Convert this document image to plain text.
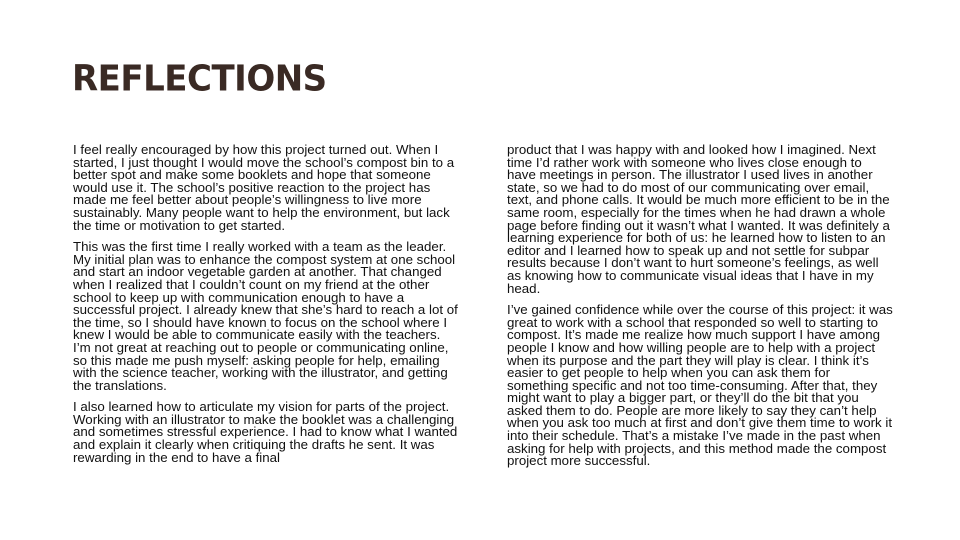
REFLECTIONS

I feel really encouraged by how this project turned out. When I started, I just thought I would move the school’s compost bin to a better spot and make some booklets and hope that someone would use it. The school’s positive reaction to the project has made me feel better about people’s willingness to live more sustainably. Many people want to help the environment, but lack the time or motivation to get started.

This was the first time I really worked with a team as the leader. My initial plan was to enhance the compost system at one school and start an indoor vegetable garden at another. That changed when I realized that I couldn’t count on my friend at the other school to keep up with communication enough to have a successful project. I already knew that she’s hard to reach a lot of the time, so I should have known to focus on the school where I knew I would be able to communicate easily with the teachers. I’m not great at reaching out to people or communicating online, so this made me push myself: asking people for help, emailing with the science teacher, working with the illustrator, and getting the translations.

I also learned how to articulate my vision for parts of the project. Working with an illustrator to make the booklet was a challenging and sometimes stressful experience. I had to know what I wanted and explain it clearly when critiquing the drafts he sent. It was rewarding in the end to have a final

product that I was happy with and looked how I imagined. Next time I’d rather work with someone who lives close enough to have meetings in person. The illustrator I used lives in another state, so we had to do most of our communicating over email, text, and phone calls. It would be much more efficient to be in the same room, especially for the times when he had drawn a whole page before finding out it wasn’t what I wanted. It was definitely a learning experience for both of us: he learned how to listen to an editor and I learned how to speak up and not settle for subpar results because I don’t want to hurt someone’s feelings, as well as knowing how to communicate visual ideas that I have in my head.

I’ve gained confidence while over the course of this project: it was great to work with a school that responded so well to starting to compost. It’s made me realize how much support I have among people I know and how willing people are to help with a project when its purpose and the part they will play is clear. I think it’s easier to get people to help when you can ask them for something specific and not too time-consuming. After that, they might want to play a bigger part, or they’ll do the bit that you asked them to do. People are more likely to say they can’t help when you ask too much at first and don’t give them time to work it into their schedule. That’s a mistake I’ve made in the past when asking for help with projects, and this method made the compost project more successful.
